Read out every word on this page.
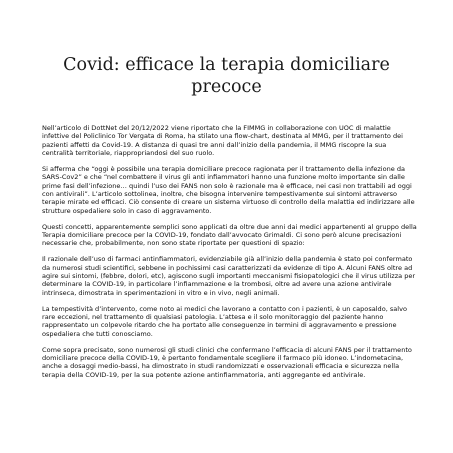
Covid: efficace la terapia domiciliare precoce

Nell’articolo di DottNet del 20/12/2022 viene riportato che la FIMMG in collaborazione con UOC di malattie infettive del Policlinico Tor Vergata di Roma, ha stilato una flow-chart, destinata al MMG, per il trattamento dei pazienti affetti da Covid-19. A distanza di quasi tre anni dall’inizio della pandemia, il MMG riscopre la sua centralità territoriale, riappropriandosi del suo ruolo.

Si afferma che “oggi è possibile una terapia domiciliare precoce ragionata per il trattamento della infezione da SARS-Cov2” e che “nel combattere il virus gli anti infiammatori hanno una funzione molto importante sin dalle prime fasi dell’infezione… quindi l’uso dei FANS non solo è razionale ma è efficace, nei casi non trattabili ad oggi con antivirali”. L’articolo sottolinea, inoltre, che bisogna intervenire tempestivamente sui sintomi attraverso terapie mirate ed efficaci. Ciò consente di creare un sistema virtuoso di controllo della malattia ed indirizzare alle strutture ospedaliere solo in caso di aggravamento.

Questi concetti, apparentemente semplici sono applicati da oltre due anni dai medici appartenenti al gruppo della Terapia domiciliare precoce per la COVID-19, fondato dall’avvocato Grimaldi. Ci sono però alcune precisazioni necessarie che, probabilmente, non sono state riportate per questioni di spazio:

Il razionale dell’uso di farmaci antinfiammatori, evidenziabile già all’inizio della pandemia è stato poi confermato da numerosi studi scientifici, sebbene in pochissimi casi caratterizzati da evidenze di tipo A. Alcuni FANS oltre ad agire sui sintomi, (febbre, dolori, etc), agiscono sugli importanti meccanismi fisiopatologici che il virus utilizza per determinare la COVID-19, in particolare l’infiammazione e la trombosi, oltre ad avere una azione antivirale intrinseca, dimostrata in sperimentazioni in vitro e in vivo, negli animali.

La tempestività d’intervento, come noto ai medici che lavorano a contatto con i pazienti, è un caposaldo, salvo rare eccezioni, nel trattamento di qualsiasi patologia. L’attesa e il solo monitoraggio del paziente hanno rappresentato un colpevole ritardo che ha portato alle conseguenze in termini di aggravamento e pressione ospedaliera che tutti conosciamo.

Come sopra precisato, sono numerosi gli studi clinici che confermano l’efficacia di alcuni FANS per il trattamento domiciliare precoce della COVID-19, è pertanto fondamentale scegliere il farmaco più idoneo. L’indometacina, anche a dosaggi medio-bassi, ha dimostrato in studi randomizzati e osservazionali efficacia e sicurezza nella terapia della COVID-19, per la sua potente azione antinfiammatoria, anti aggregante ed antivirale.
